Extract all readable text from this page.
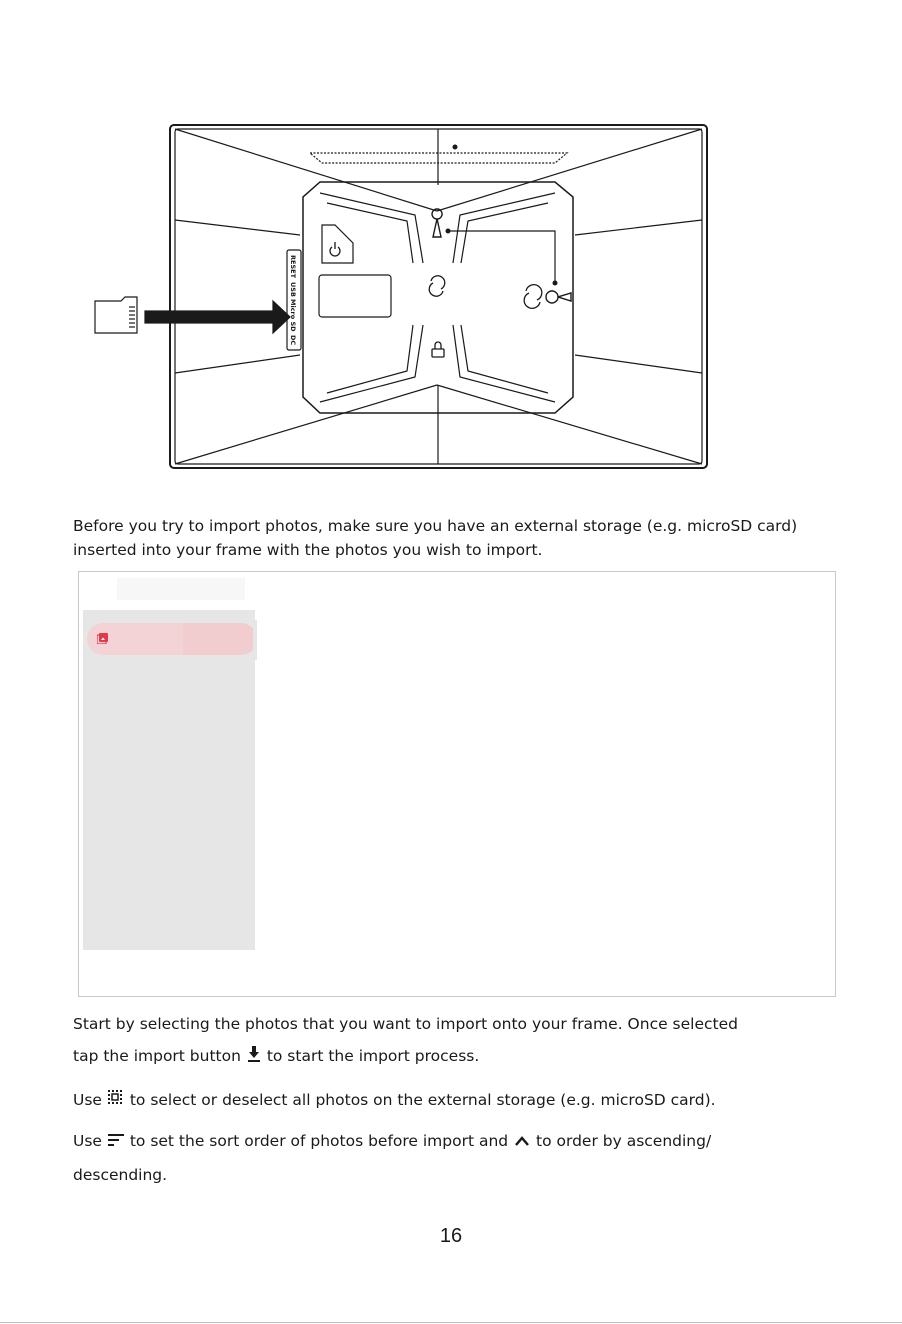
RESET
USB
Micro SD
DC

Before you try to import photos, make sure you have an external storage (e.g. microSD card) inserted into your frame with the photos you wish to import.

Start by selecting the photos that you want to import onto your frame. Once selected
tap the import button  to start the import process.
Use  to select or deselect all photos on the external storage (e.g. microSD card).
Use  to set the sort order of photos before import and  to order by ascending/
descending.
16
